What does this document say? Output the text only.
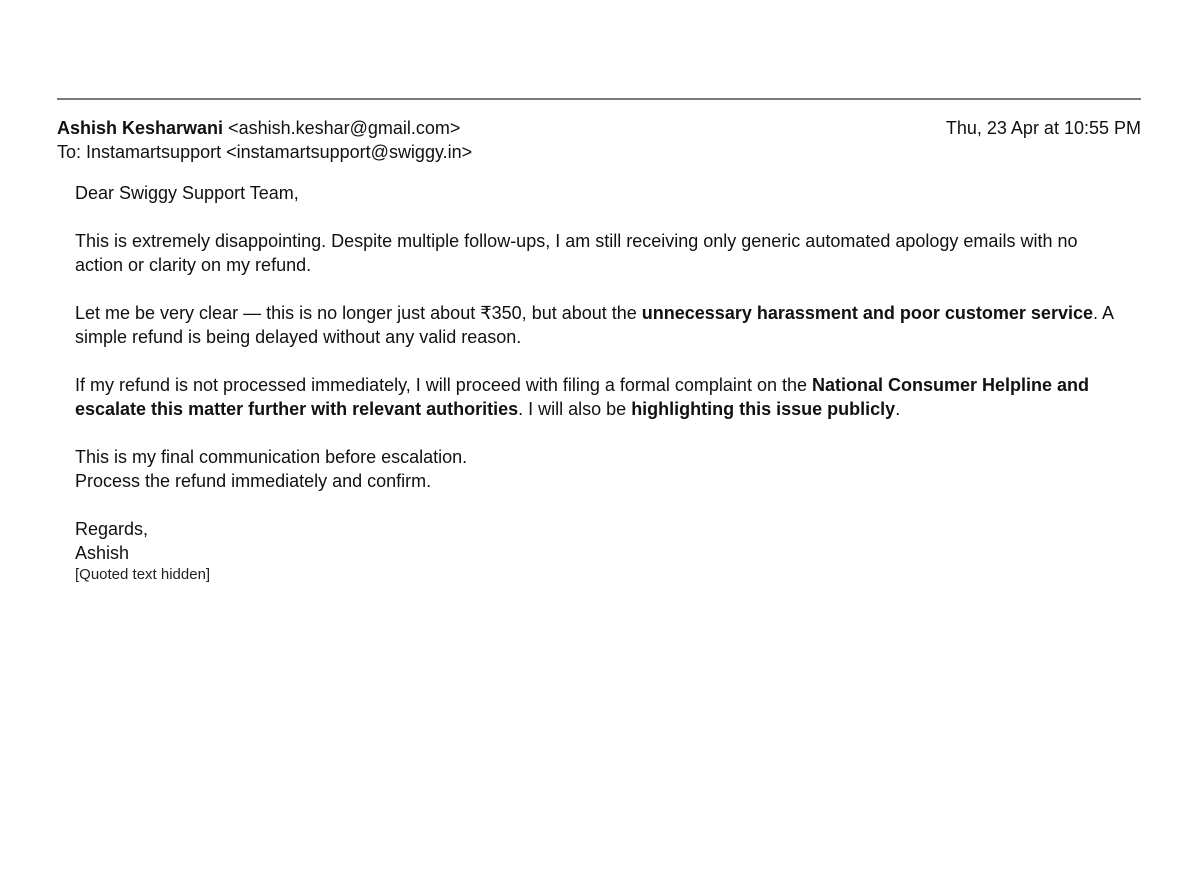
Ashish Kesharwani <ashish.keshar@gmail.com>	Thu, 23 Apr at 10:55 PM
To: Instamartsupport <instamartsupport@swiggy.in>

Dear Swiggy Support Team,

This is extremely disappointing. Despite multiple follow-ups, I am still receiving only generic automated apology emails with no action or clarity on my refund.

Let me be very clear — this is no longer just about ₹350, but about the unnecessary harassment and poor customer service. A simple refund is being delayed without any valid reason.

If my refund is not processed immediately, I will proceed with filing a formal complaint on the National Consumer Helpline and escalate this matter further with relevant authorities. I will also be highlighting this issue publicly.

This is my final communication before escalation.
Process the refund immediately and confirm.

Regards,
Ashish
[Quoted text hidden]
